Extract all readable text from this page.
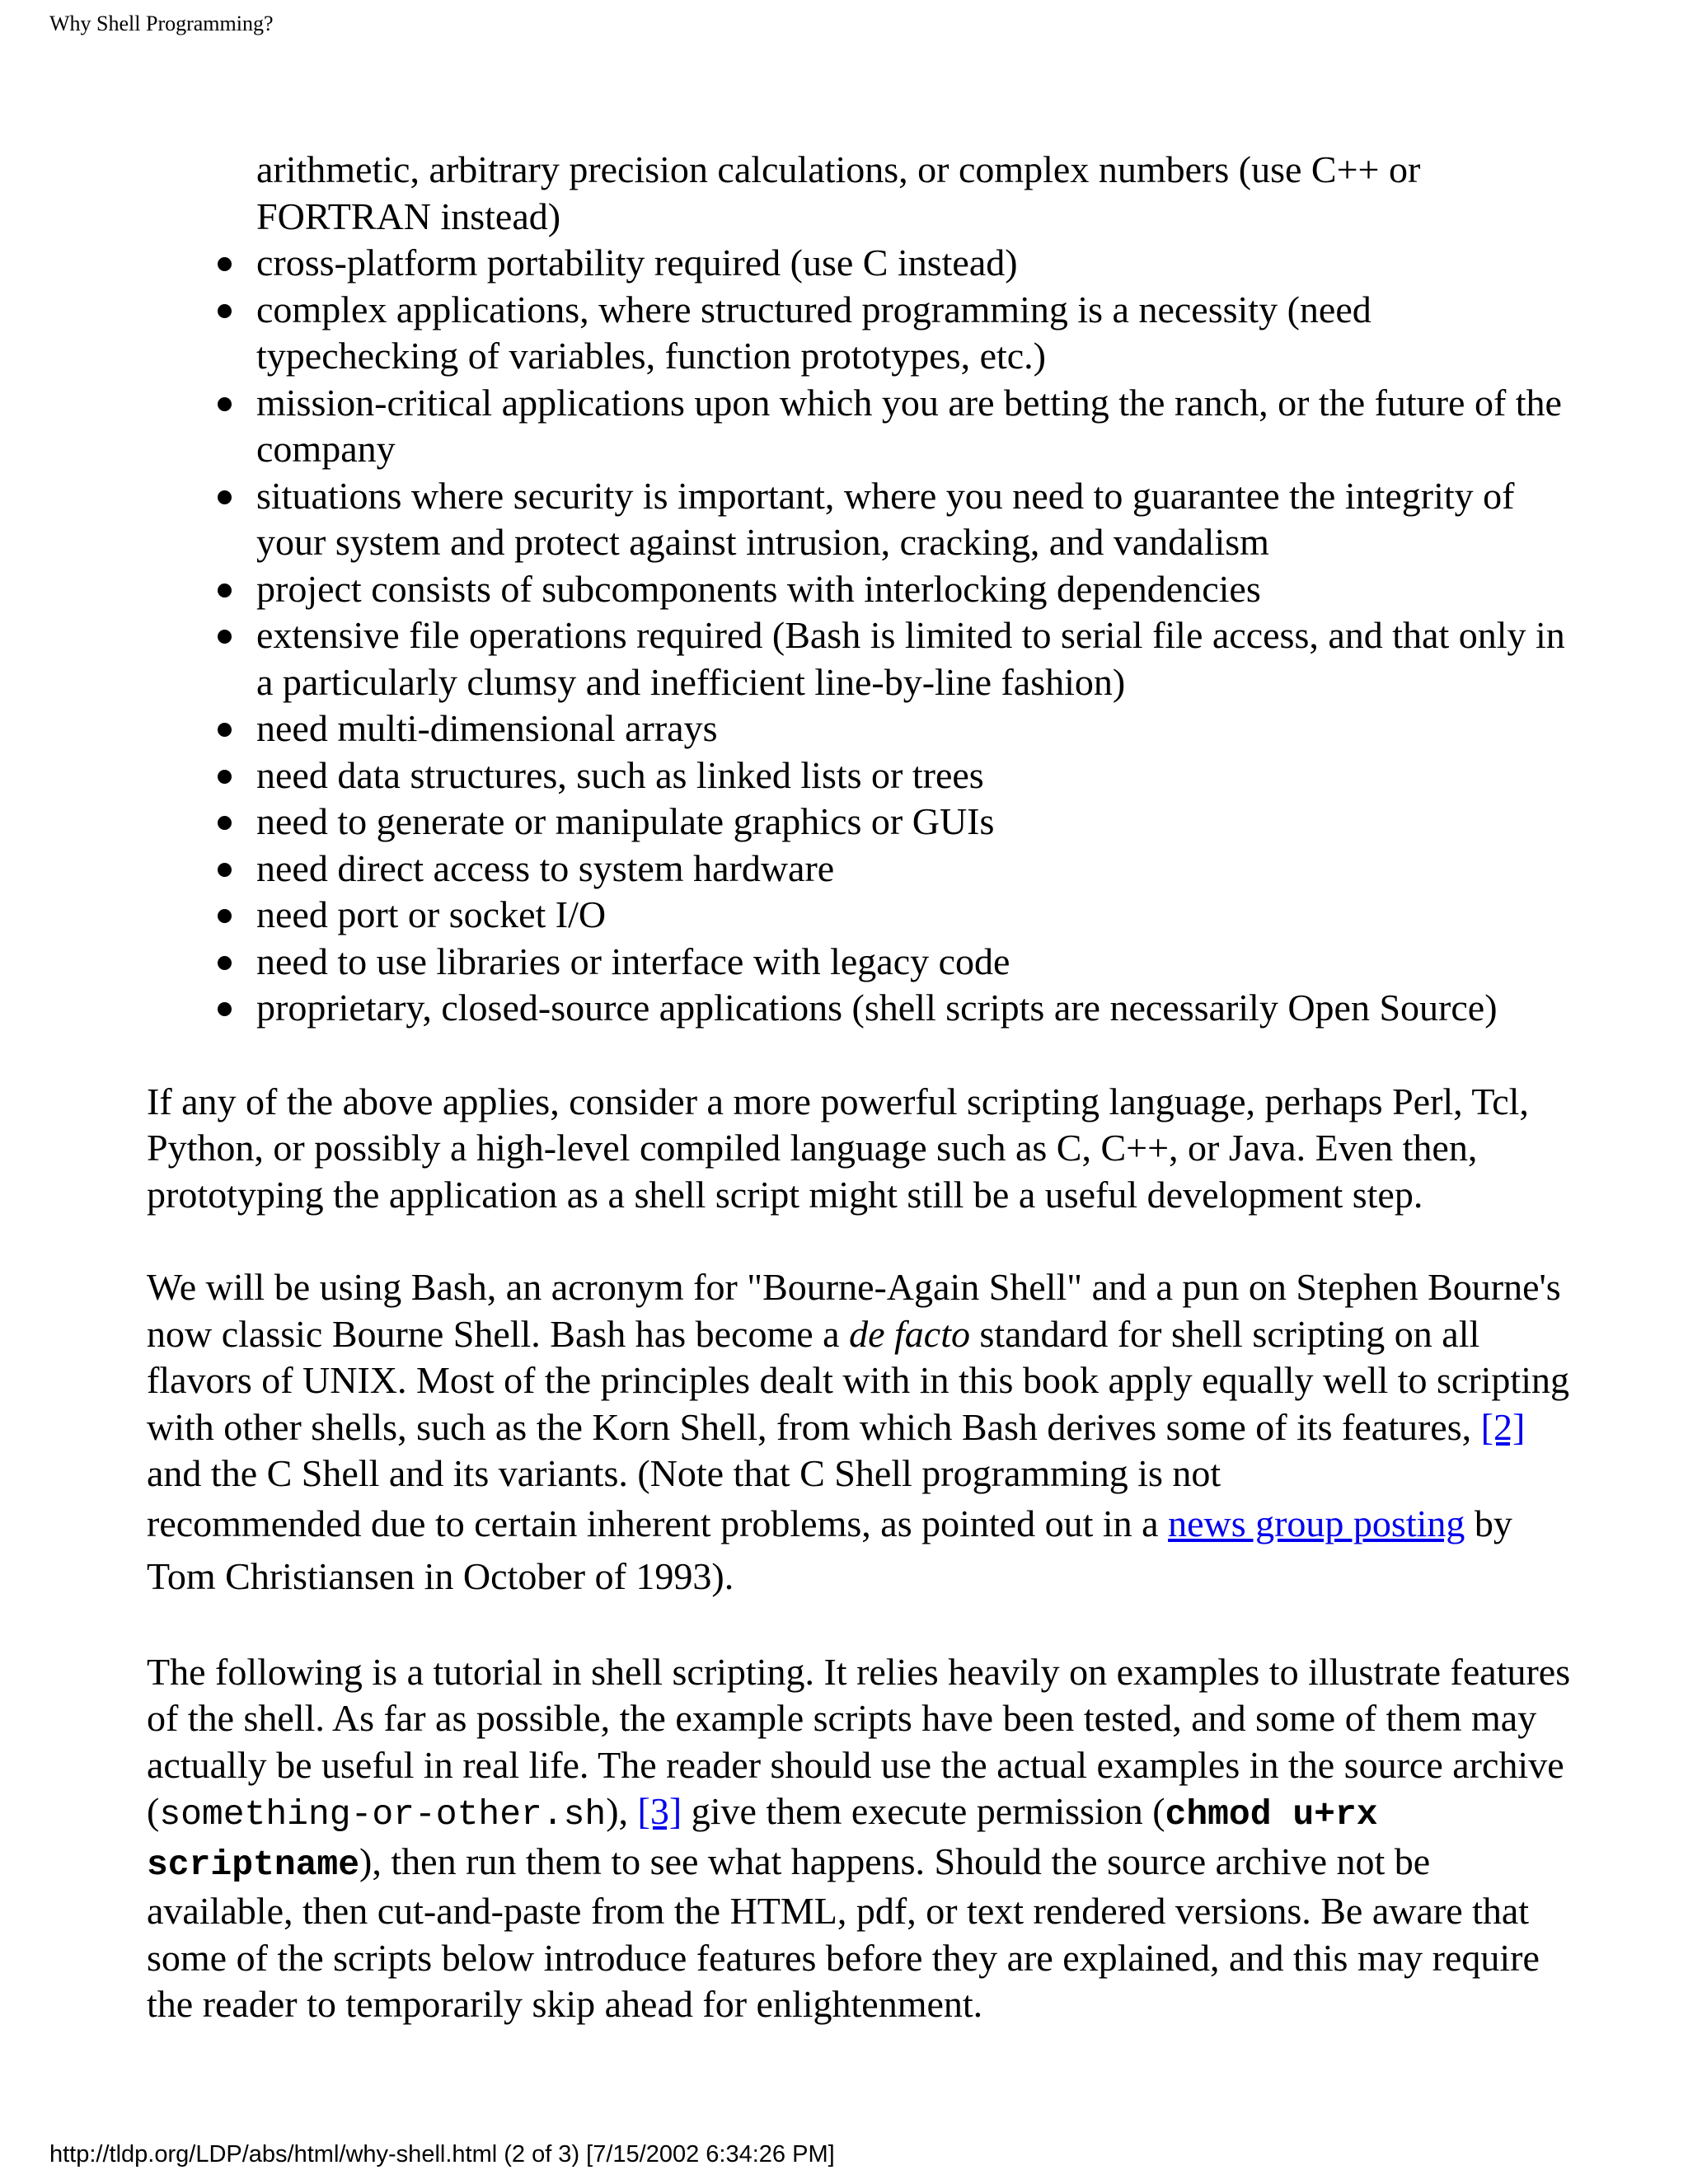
Why Shell Programming?
arithmetic, arbitrary precision calculations, or complex numbers (use C++ or FORTRAN instead)
cross-platform portability required (use C instead)
complex applications, where structured programming is a necessity (need typechecking of variables, function prototypes, etc.)
mission-critical applications upon which you are betting the ranch, or the future of the company
situations where security is important, where you need to guarantee the integrity of your system and protect against intrusion, cracking, and vandalism
project consists of subcomponents with interlocking dependencies
extensive file operations required (Bash is limited to serial file access, and that only in a particularly clumsy and inefficient line-by-line fashion)
need multi-dimensional arrays
need data structures, such as linked lists or trees
need to generate or manipulate graphics or GUIs
need direct access to system hardware
need port or socket I/O
need to use libraries or interface with legacy code
proprietary, closed-source applications (shell scripts are necessarily Open Source)

If any of the above applies, consider a more powerful scripting language, perhaps Perl, Tcl, Python, or possibly a high-level compiled language such as C, C++, or Java. Even then, prototyping the application as a shell script might still be a useful development step.

We will be using Bash, an acronym for "Bourne-Again Shell" and a pun on Stephen Bourne's now classic Bourne Shell. Bash has become a de facto standard for shell scripting on all flavors of UNIX. Most of the principles dealt with in this book apply equally well to scripting with other shells, such as the Korn Shell, from which Bash derives some of its features, [2] and the C Shell and its variants. (Note that C Shell programming is not
recommended due to certain inherent problems, as pointed out in a news group posting by
Tom Christiansen in October of 1993).

The following is a tutorial in shell scripting. It relies heavily on examples to illustrate features of the shell. As far as possible, the example scripts have been tested, and some of them may actually be useful in real life. The reader should use the actual examples in the source archive (something-or-other.sh), [3] give them execute permission (chmod u+rx scriptname), then run them to see what happens. Should the source archive not be available, then cut-and-paste from the HTML, pdf, or text rendered versions. Be aware that some of the scripts below introduce features before they are explained, and this may require the reader to temporarily skip ahead for enlightenment.

http://tldp.org/LDP/abs/html/why-shell.html (2 of 3) [7/15/2002 6:34:26 PM]
